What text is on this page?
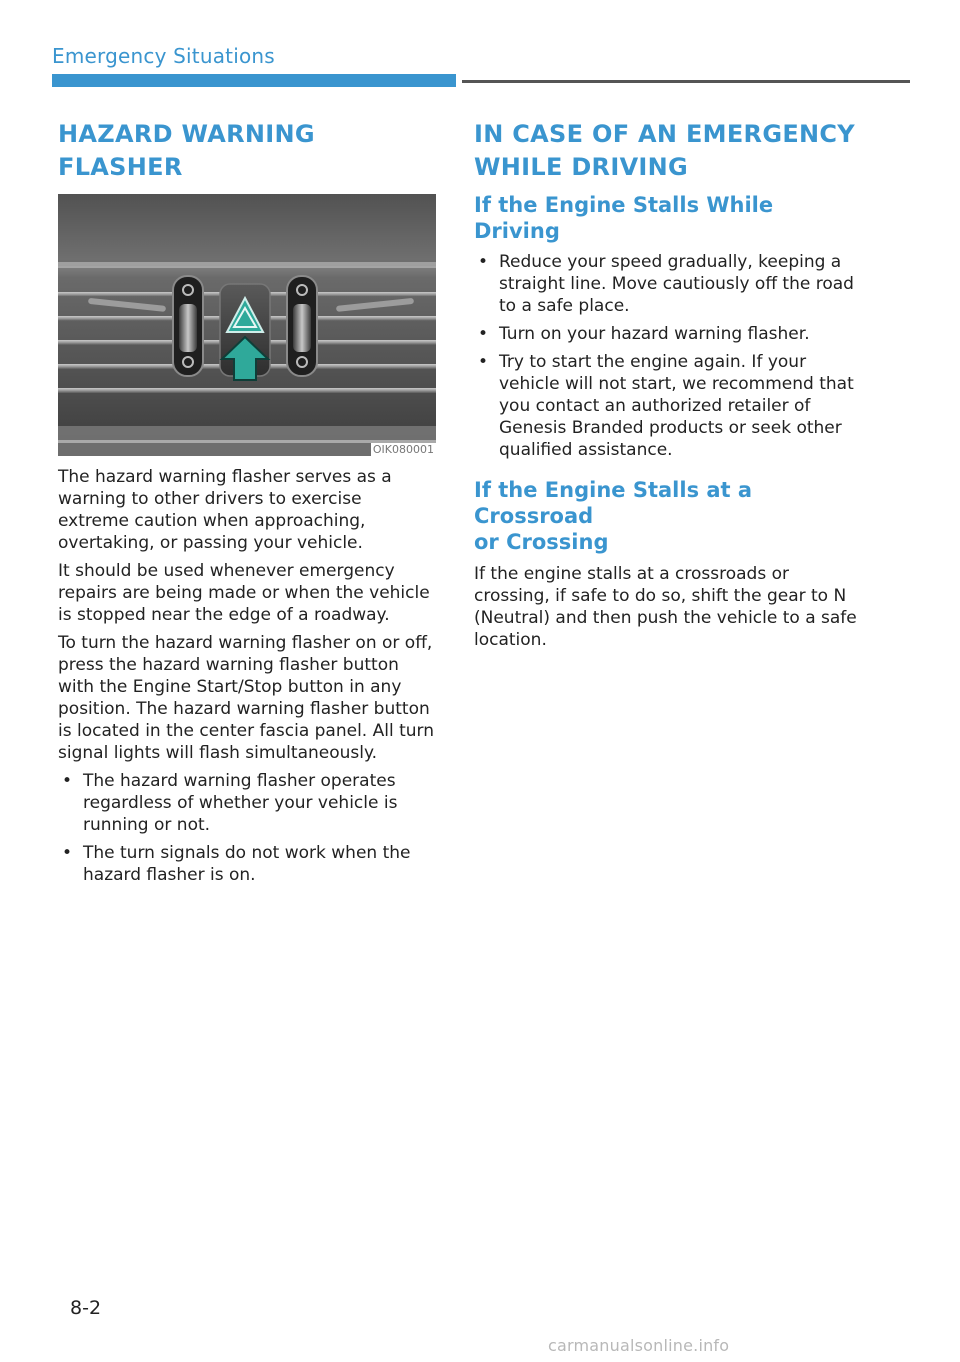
Emergency Situations
HAZARD WARNING FLASHER
OIK080001

The hazard warning flasher serves as a warning to other drivers to exercise extreme caution when approaching, overtaking, or passing your vehicle.

It should be used whenever emergency repairs are being made or when the vehicle is stopped near the edge of a roadway.

To turn the hazard warning flasher on or off, press the hazard warning flasher button with the Engine Start/Stop button in any position. The hazard warning flasher button is located in the center fascia panel. All turn signal lights will flash simultaneously.

• The hazard warning flasher operates regardless of whether your vehicle is running or not.
• The turn signals do not work when the hazard flasher is on.
IN CASE OF AN EMERGENCY
WHILE DRIVING
If the Engine Stalls While Driving
• Reduce your speed gradually, keeping a straight line. Move cautiously off the road to a safe place.
• Turn on your hazard warning flasher.
• Try to start the engine again. If your vehicle will not start, we recommend that you contact an authorized retailer of Genesis Branded products or seek other qualified assistance.
If the Engine Stalls at a Crossroad
or Crossing

If the engine stalls at a crossroads or crossing, if safe to do so, shift the gear to N (Neutral) and then push the vehicle to a safe location.

8-2
carmanualsonline.info
